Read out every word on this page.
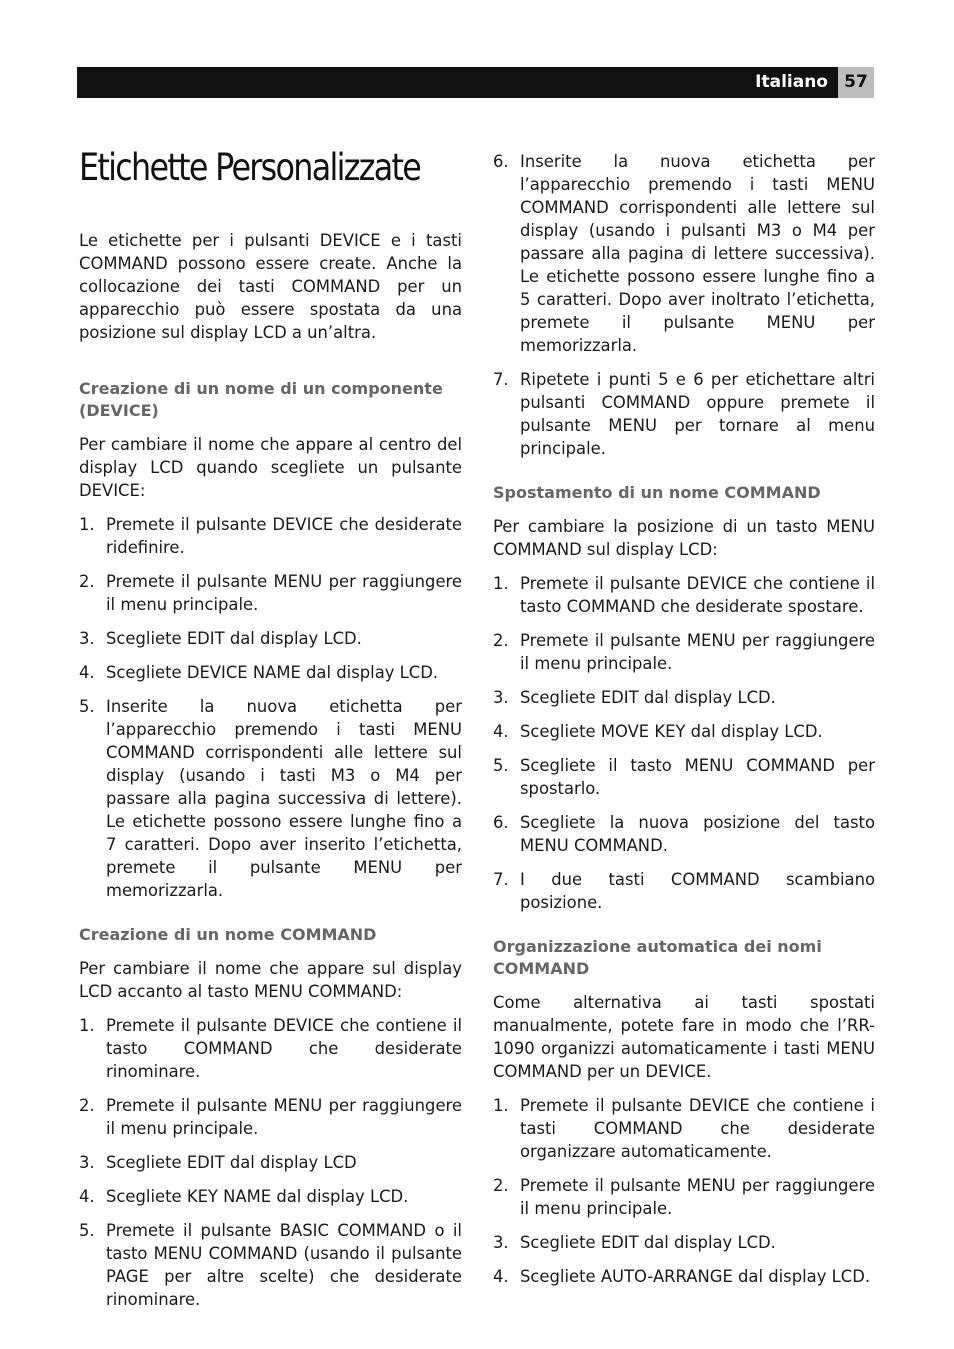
Italiano 57
Etichette Personalizzate

Le etichette per i pulsanti DEVICE e i tasti COMMAND possono essere create. Anche la collocazione dei tasti COMMAND per un apparecchio può essere spostata da una posizione sul display LCD a un’altra.

Creazione di un nome di un componente (DEVICE)

Per cambiare il nome che appare al centro del display LCD quando scegliete un pulsante DEVICE:

1. Premete il pulsante DEVICE che desiderate ridefinire.
2. Premete il pulsante MENU per raggiungere il menu principale.
3. Scegliete EDIT dal display LCD.
4. Scegliete DEVICE NAME dal display LCD.
5. Inserite la nuova etichetta per l’apparecchio premendo i tasti MENU COMMAND corrispondenti alle lettere sul display (usando i tasti M3 o M4 per passare alla pagina successiva di lettere). Le etichette possono essere lunghe fino a 7 caratteri. Dopo aver inserito l’etichetta, premete il pulsante MENU per memorizzarla.
Creazione di un nome COMMAND

Per cambiare il nome che appare sul display LCD accanto al tasto MENU COMMAND:

1. Premete il pulsante DEVICE che contiene il tasto COMMAND che desiderate rinominare.
2. Premete il pulsante MENU per raggiungere il menu principale.
3. Scegliete EDIT dal display LCD
4. Scegliete KEY NAME dal display LCD.
5. Premete il pulsante BASIC COMMAND o il tasto MENU COMMAND (usando il pulsante PAGE per altre scelte) che desiderate rinominare.
6. Inserite la nuova etichetta per l’apparecchio premendo i tasti MENU COMMAND corrispondenti alle lettere sul display (usando i pulsanti M3 o M4 per passare alla pagina di lettere successiva). Le etichette possono essere lunghe fino a 5 caratteri. Dopo aver inoltrato l’etichetta, premete il pulsante MENU per memorizzarla.
7. Ripetete i punti 5 e 6 per etichettare altri pulsanti COMMAND oppure premete il pulsante MENU per tornare al menu principale.
Spostamento di un nome COMMAND

Per cambiare la posizione di un tasto MENU COMMAND sul display LCD:

1. Premete il pulsante DEVICE che contiene il tasto COMMAND che desiderate spostare.
2. Premete il pulsante MENU per raggiungere il menu principale.
3. Scegliete EDIT dal display LCD.
4. Scegliete MOVE KEY dal display LCD.
5. Scegliete il tasto MENU COMMAND per spostarlo.
6. Scegliete la nuova posizione del tasto MENU COMMAND.
7. I due tasti COMMAND scambiano posizione.
Organizzazione automatica dei nomi COMMAND

Come alternativa ai tasti spostati manualmente, potete fare in modo che l’RR-1090 organizzi automaticamente i tasti MENU COMMAND per un DEVICE.

1. Premete il pulsante DEVICE che contiene i tasti COMMAND che desiderate organizzare automaticamente.
2. Premete il pulsante MENU per raggiungere il menu principale.
3. Scegliete EDIT dal display LCD.
4. Scegliete AUTO-ARRANGE dal display LCD.
